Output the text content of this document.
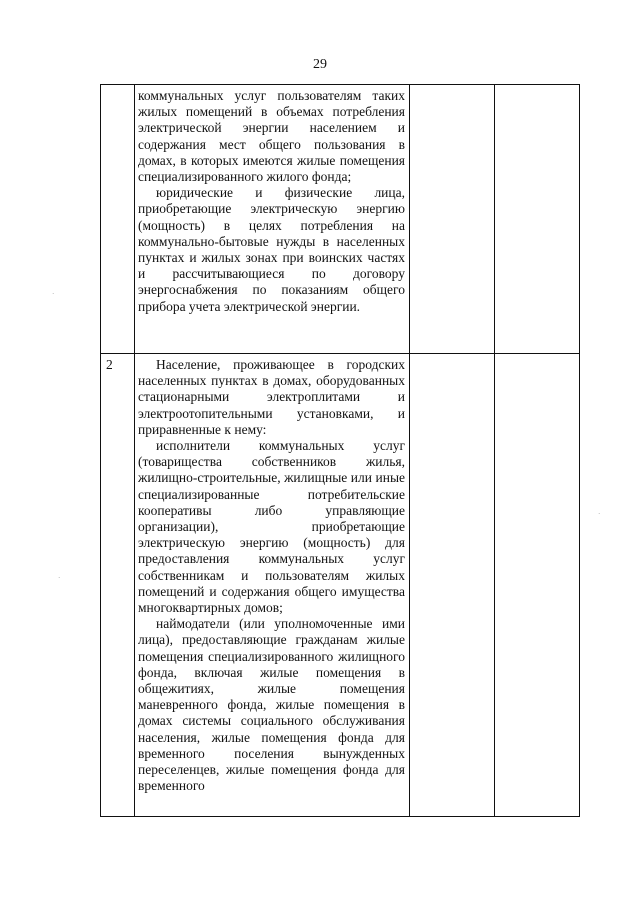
29

коммунальных услуг пользователям таких жилых помещений в объемах потребления электрической энергии населением и содержания мест общего пользования в домах, в которых имеются жилые помещения специализированного жилого фонда;

юридические и физические лица, приобретающие электрическую энергию (мощность) в целях потребления на коммунально-бытовые нужды в населенных пунктах и жилых зонах при воинских частях и рассчитывающиеся по договору энергоснабжения по показаниям общего прибора учета электрической энергии.

2	Население, проживающее в городских населенных пунктах в домах, оборудованных стационарными электроплитами и электроотопительными установками, и приравненные к нему:

исполнители коммунальных услуг (товарищества собственников жилья, жилищно-строительные, жилищные или иные специализированные потребительские кооперативы либо управляющие организации), приобретающие электрическую энергию (мощность) для предоставления коммунальных услуг собственникам и пользователям жилых помещений и содержания общего имущества многоквартирных домов;

наймодатели (или уполномоченные ими лица), предоставляющие гражданам жилые помещения специализированного жилищного фонда, включая жилые помещения в общежитиях, жилые помещения маневренного фонда, жилые помещения в домах системы социального обслуживания населения, жилые помещения фонда для временного поселения вынужденных переселенцев, жилые помещения фонда для временного

·
·
·
